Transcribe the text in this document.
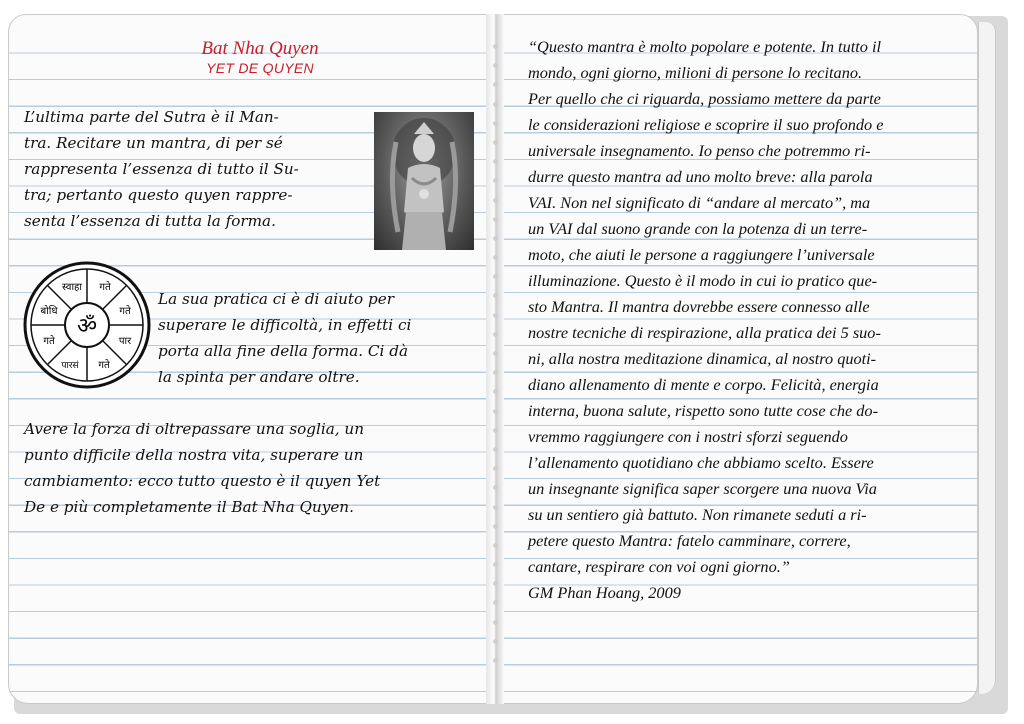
Bat Nha Quyen
YET DE QUYEN

L’ultima parte del Sutra è il Man-
tra. Recitare un mantra, di per sé
rappresenta l’essenza di tutto il Su-
tra; pertanto questo quyen rappre-
senta l’essenza di tutta la forma.

स्वाहा गते
गते
पार
गते
पारसं
गते
बोधि
ॐ

La sua pratica ci è di aiuto per
superare le difficoltà, in effetti ci
porta alla fine della forma. Ci dà
la spinta per andare oltre.

Avere la forza di oltrepassare una soglia, un
punto difficile della nostra vita, superare un
cambiamento: ecco tutto questo è il quyen Yet
De e più completamente il Bat Nha Quyen.

“Questo mantra è molto popolare e potente. In tutto il
mondo, ogni giorno, milioni di persone lo recitano.
Per quello che ci riguarda, possiamo mettere da parte
le considerazioni religiose e scoprire il suo profondo e
universale insegnamento. Io penso che potremmo ri-
durre questo mantra ad uno molto breve: alla parola
VAI. Non nel significato di “andare al mercato”, ma
un VAI dal suono grande con la potenza di un terre-
moto, che aiuti le persone a raggiungere l’universale
illuminazione. Questo è il modo in cui io pratico que-
sto Mantra. Il mantra dovrebbe essere connesso alle
nostre tecniche di respirazione, alla pratica dei 5 suo-
ni, alla nostra meditazione dinamica, al nostro quoti-
diano allenamento di mente e corpo. Felicità, energia
interna, buona salute, rispetto sono tutte cose che do-
vremmo raggiungere con i nostri sforzi seguendo
l’allenamento quotidiano che abbiamo scelto. Essere
un insegnante significa saper scorgere una nuova Via
su un sentiero già battuto. Non rimanete seduti a ri-
petere questo Mantra: fatelo camminare, correre,
cantare, respirare con voi ogni giorno.”

GM Phan Hoang, 2009
